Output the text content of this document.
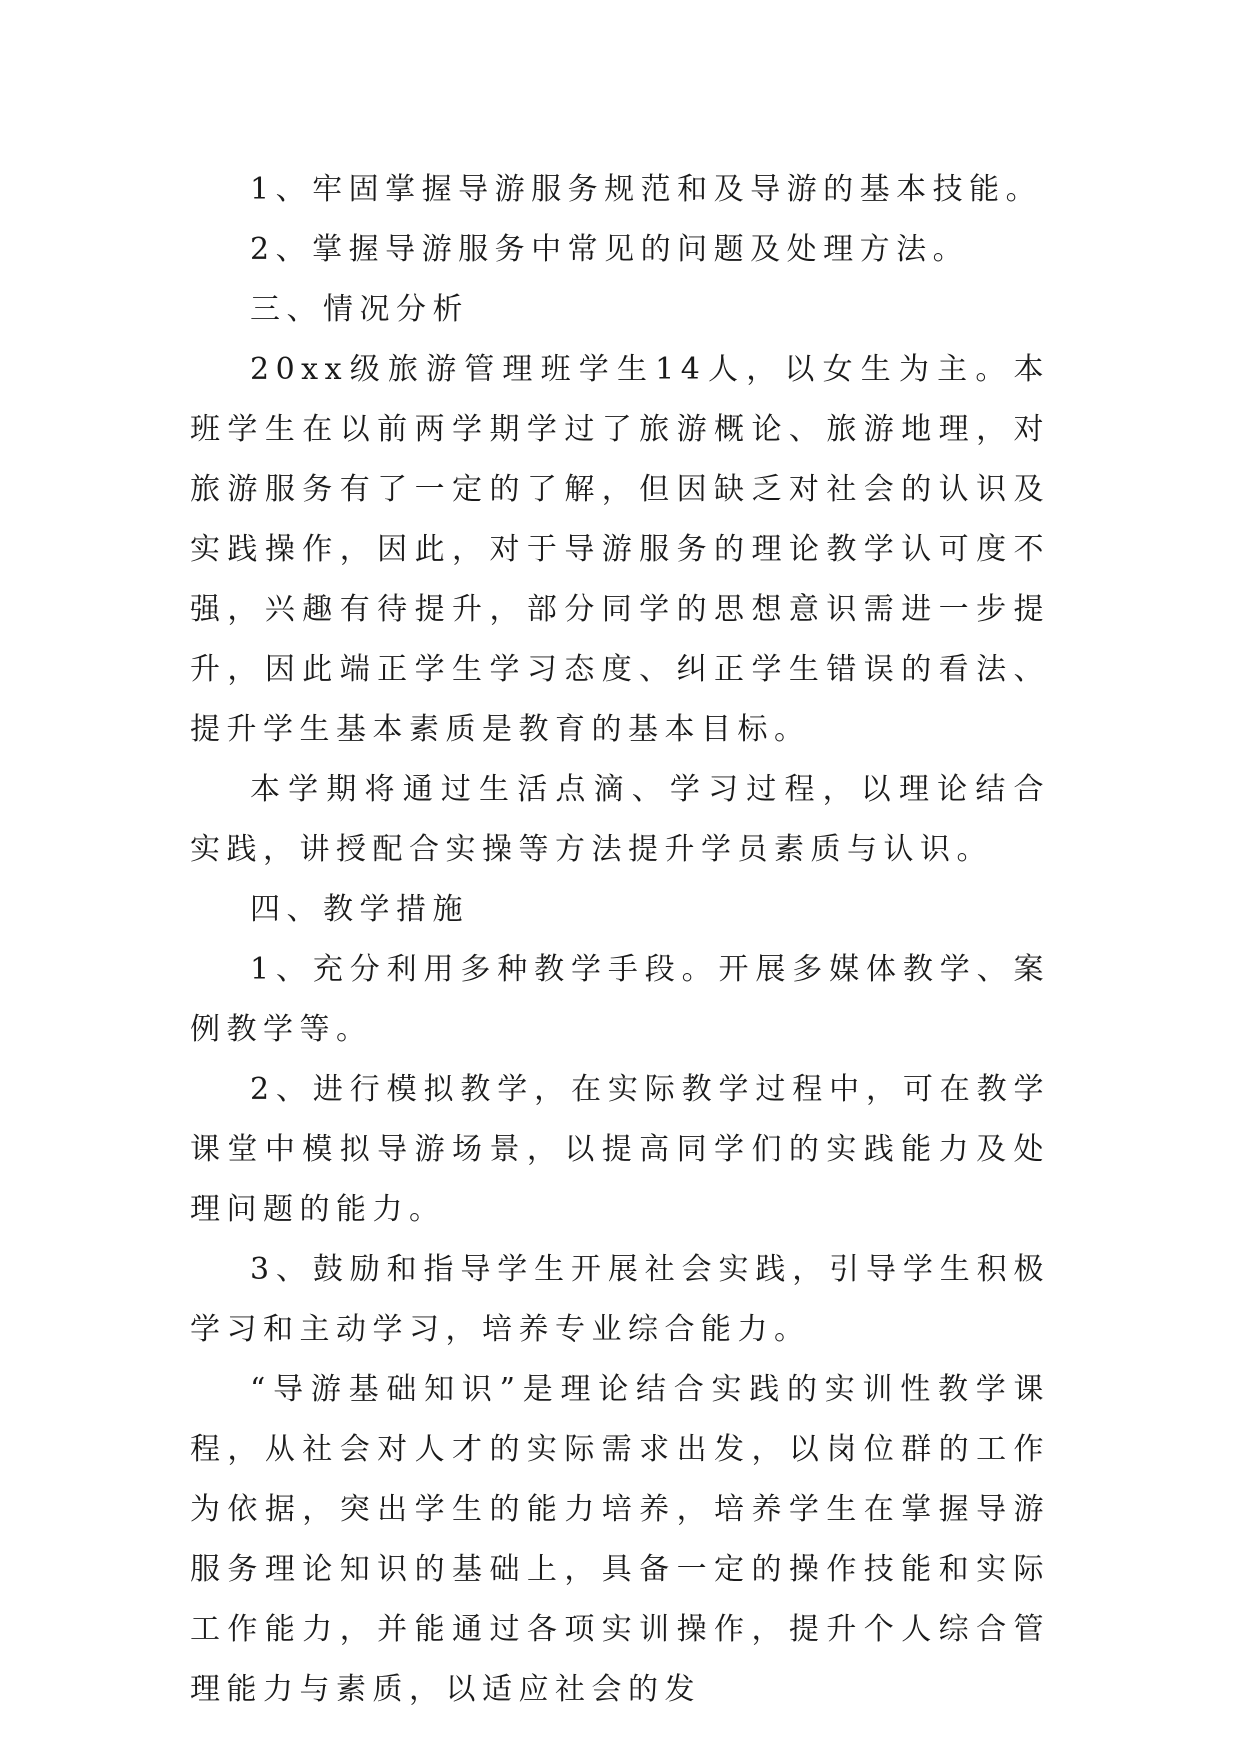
1、牢固掌握导游服务规范和及导游的基本技能。

2、掌握导游服务中常见的问题及处理方法。

三、情况分析

20xx级旅游管理班学生14人，以女生为主。本班学生在以前两学期学过了旅游概论、旅游地理，对旅游服务有了一定的了解，但因缺乏对社会的认识及实践操作，因此，对于导游服务的理论教学认可度不强，兴趣有待提升，部分同学的思想意识需进一步提升，因此端正学生学习态度、纠正学生错误的看法、提升学生基本素质是教育的基本目标。

本学期将通过生活点滴、学习过程，以理论结合实践，讲授配合实操等方法提升学员素质与认识。

四、教学措施

1、充分利用多种教学手段。开展多媒体教学、案例教学等。

2、进行模拟教学，在实际教学过程中，可在教学课堂中模拟导游场景，以提高同学们的实践能力及处理问题的能力。

3、鼓励和指导学生开展社会实践，引导学生积极学习和主动学习，培养专业综合能力。

“导游基础知识”是理论结合实践的实训性教学课程，从社会对人才的实际需求出发，以岗位群的工作为依据，突出学生的能力培养，培养学生在掌握导游服务理论知识的基础上，具备一定的操作技能和实际工作能力，并能通过各项实训操作，提升个人综合管理能力与素质，以适应社会的发
